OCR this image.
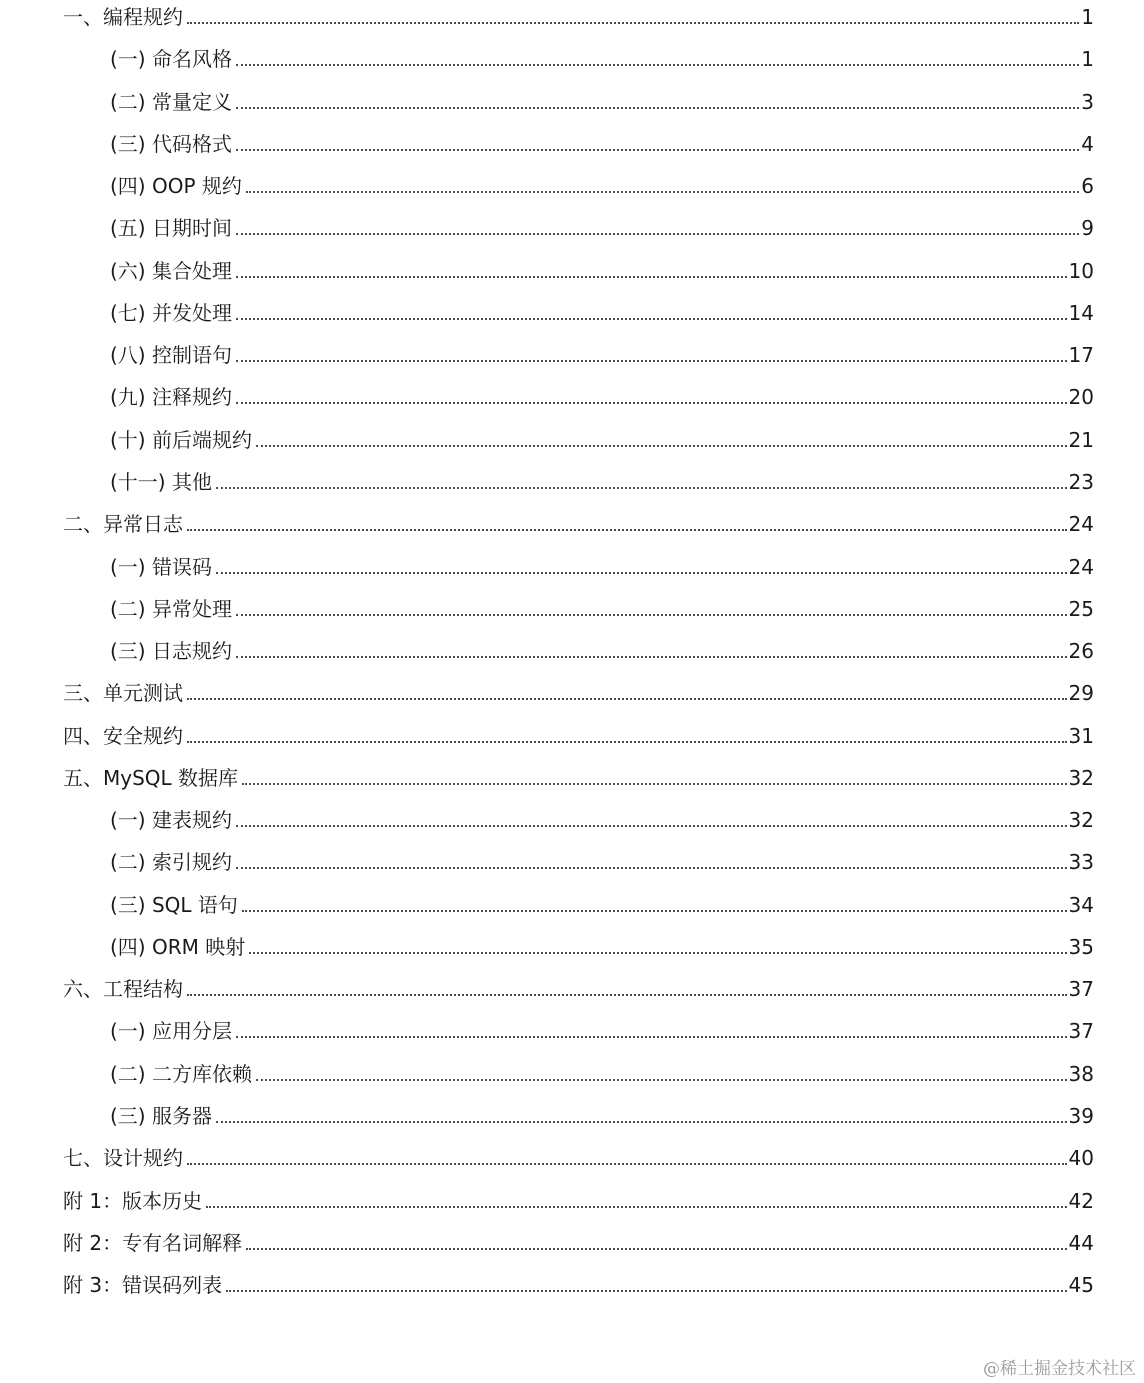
一、编程规约	1
(一) 命名风格	1
(二) 常量定义	3
(三) 代码格式	4
(四) OOP 规约	6
(五) 日期时间	9
(六) 集合处理	10
(七) 并发处理	14
(八) 控制语句	17
(九) 注释规约	20
(十) 前后端规约	21
(十一) 其他	23
二、异常日志	24
(一) 错误码	24
(二) 异常处理	25
(三) 日志规约	26
三、单元测试	29
四、安全规约	31
五、MySQL 数据库	32
(一) 建表规约	32
(二) 索引规约	33
(三) SQL 语句	34
(四) ORM 映射	35
六、工程结构	37
(一) 应用分层	37
(二) 二方库依赖	38
(三) 服务器	39
七、设计规约	40
附 1：版本历史	42
附 2：专有名词解释	44
附 3：错误码列表	45
@稀土掘金技术社区
